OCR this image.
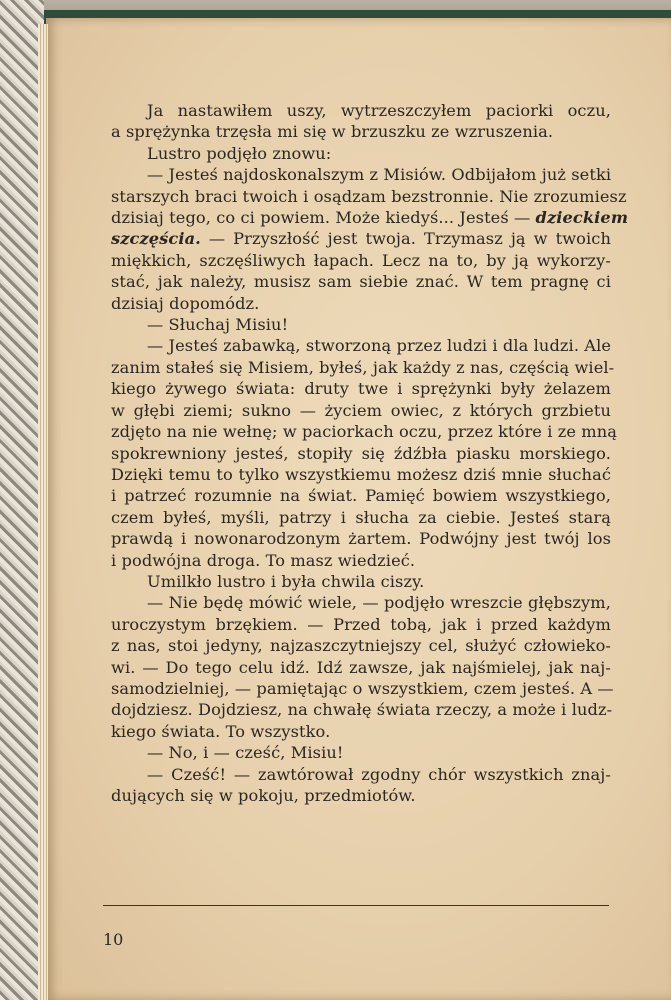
Ja nastawiłem uszy, wytrzeszczyłem paciorki oczu,
a sprężynka trzęsła mi się w brzuszku ze wzruszenia.
Lustro podjęło znowu:
— Jesteś najdoskonalszym z Misiów. Odbijałom już setki
starszych braci twoich i osądzam bezstronnie. Nie zrozumiesz
dzisiaj tego, co ci powiem. Może kiedyś... Jesteś — dzieckiem
szczęścia. — Przyszłość jest twoja. Trzymasz ją w twoich
miękkich, szczęśliwych łapach. Lecz na to, by ją wykorzy-
stać, jak należy, musisz sam siebie znać. W tem pragnę ci
dzisiaj dopomódz.
— Słuchaj Misiu!
— Jesteś zabawką, stworzoną przez ludzi i dla ludzi. Ale
zanim stałeś się Misiem, byłeś, jak każdy z nas, częścią wiel-
kiego żywego świata: druty twe i sprężynki były żelazem
w głębi ziemi; sukno — życiem owiec, z których grzbietu
zdjęto na nie wełnę; w paciorkach oczu, przez które i ze mną
spokrewniony jesteś, stopiły się źdźbła piasku morskiego.
Dzięki temu to tylko wszystkiemu możesz dziś mnie słuchać
i patrzeć rozumnie na świat. Pamięć bowiem wszystkiego,
czem byłeś, myśli, patrzy i słucha za ciebie. Jesteś starą
prawdą i nowonarodzonym żartem. Podwójny jest twój los
i podwójna droga. To masz wiedzieć.
Umilkło lustro i była chwila ciszy.
— Nie będę mówić wiele, — podjęło wreszcie głębszym,
uroczystym brzękiem. — Przed tobą, jak i przed każdym
z nas, stoi jedyny, najzaszczytniejszy cel, służyć człowieko-
wi. — Do tego celu idź. Idź zawsze, jak najśmielej, jak naj-
samodzielniej, — pamiętając o wszystkiem, czem jesteś. A —
dojdziesz. Dojdziesz, na chwałę świata rzeczy, a może i ludz-
kiego świata. To wszystko.
— No, i — cześć, Misiu!
— Cześć! — zawtórował zgodny chór wszystkich znaj-
dujących się w pokoju, przedmiotów.
10
